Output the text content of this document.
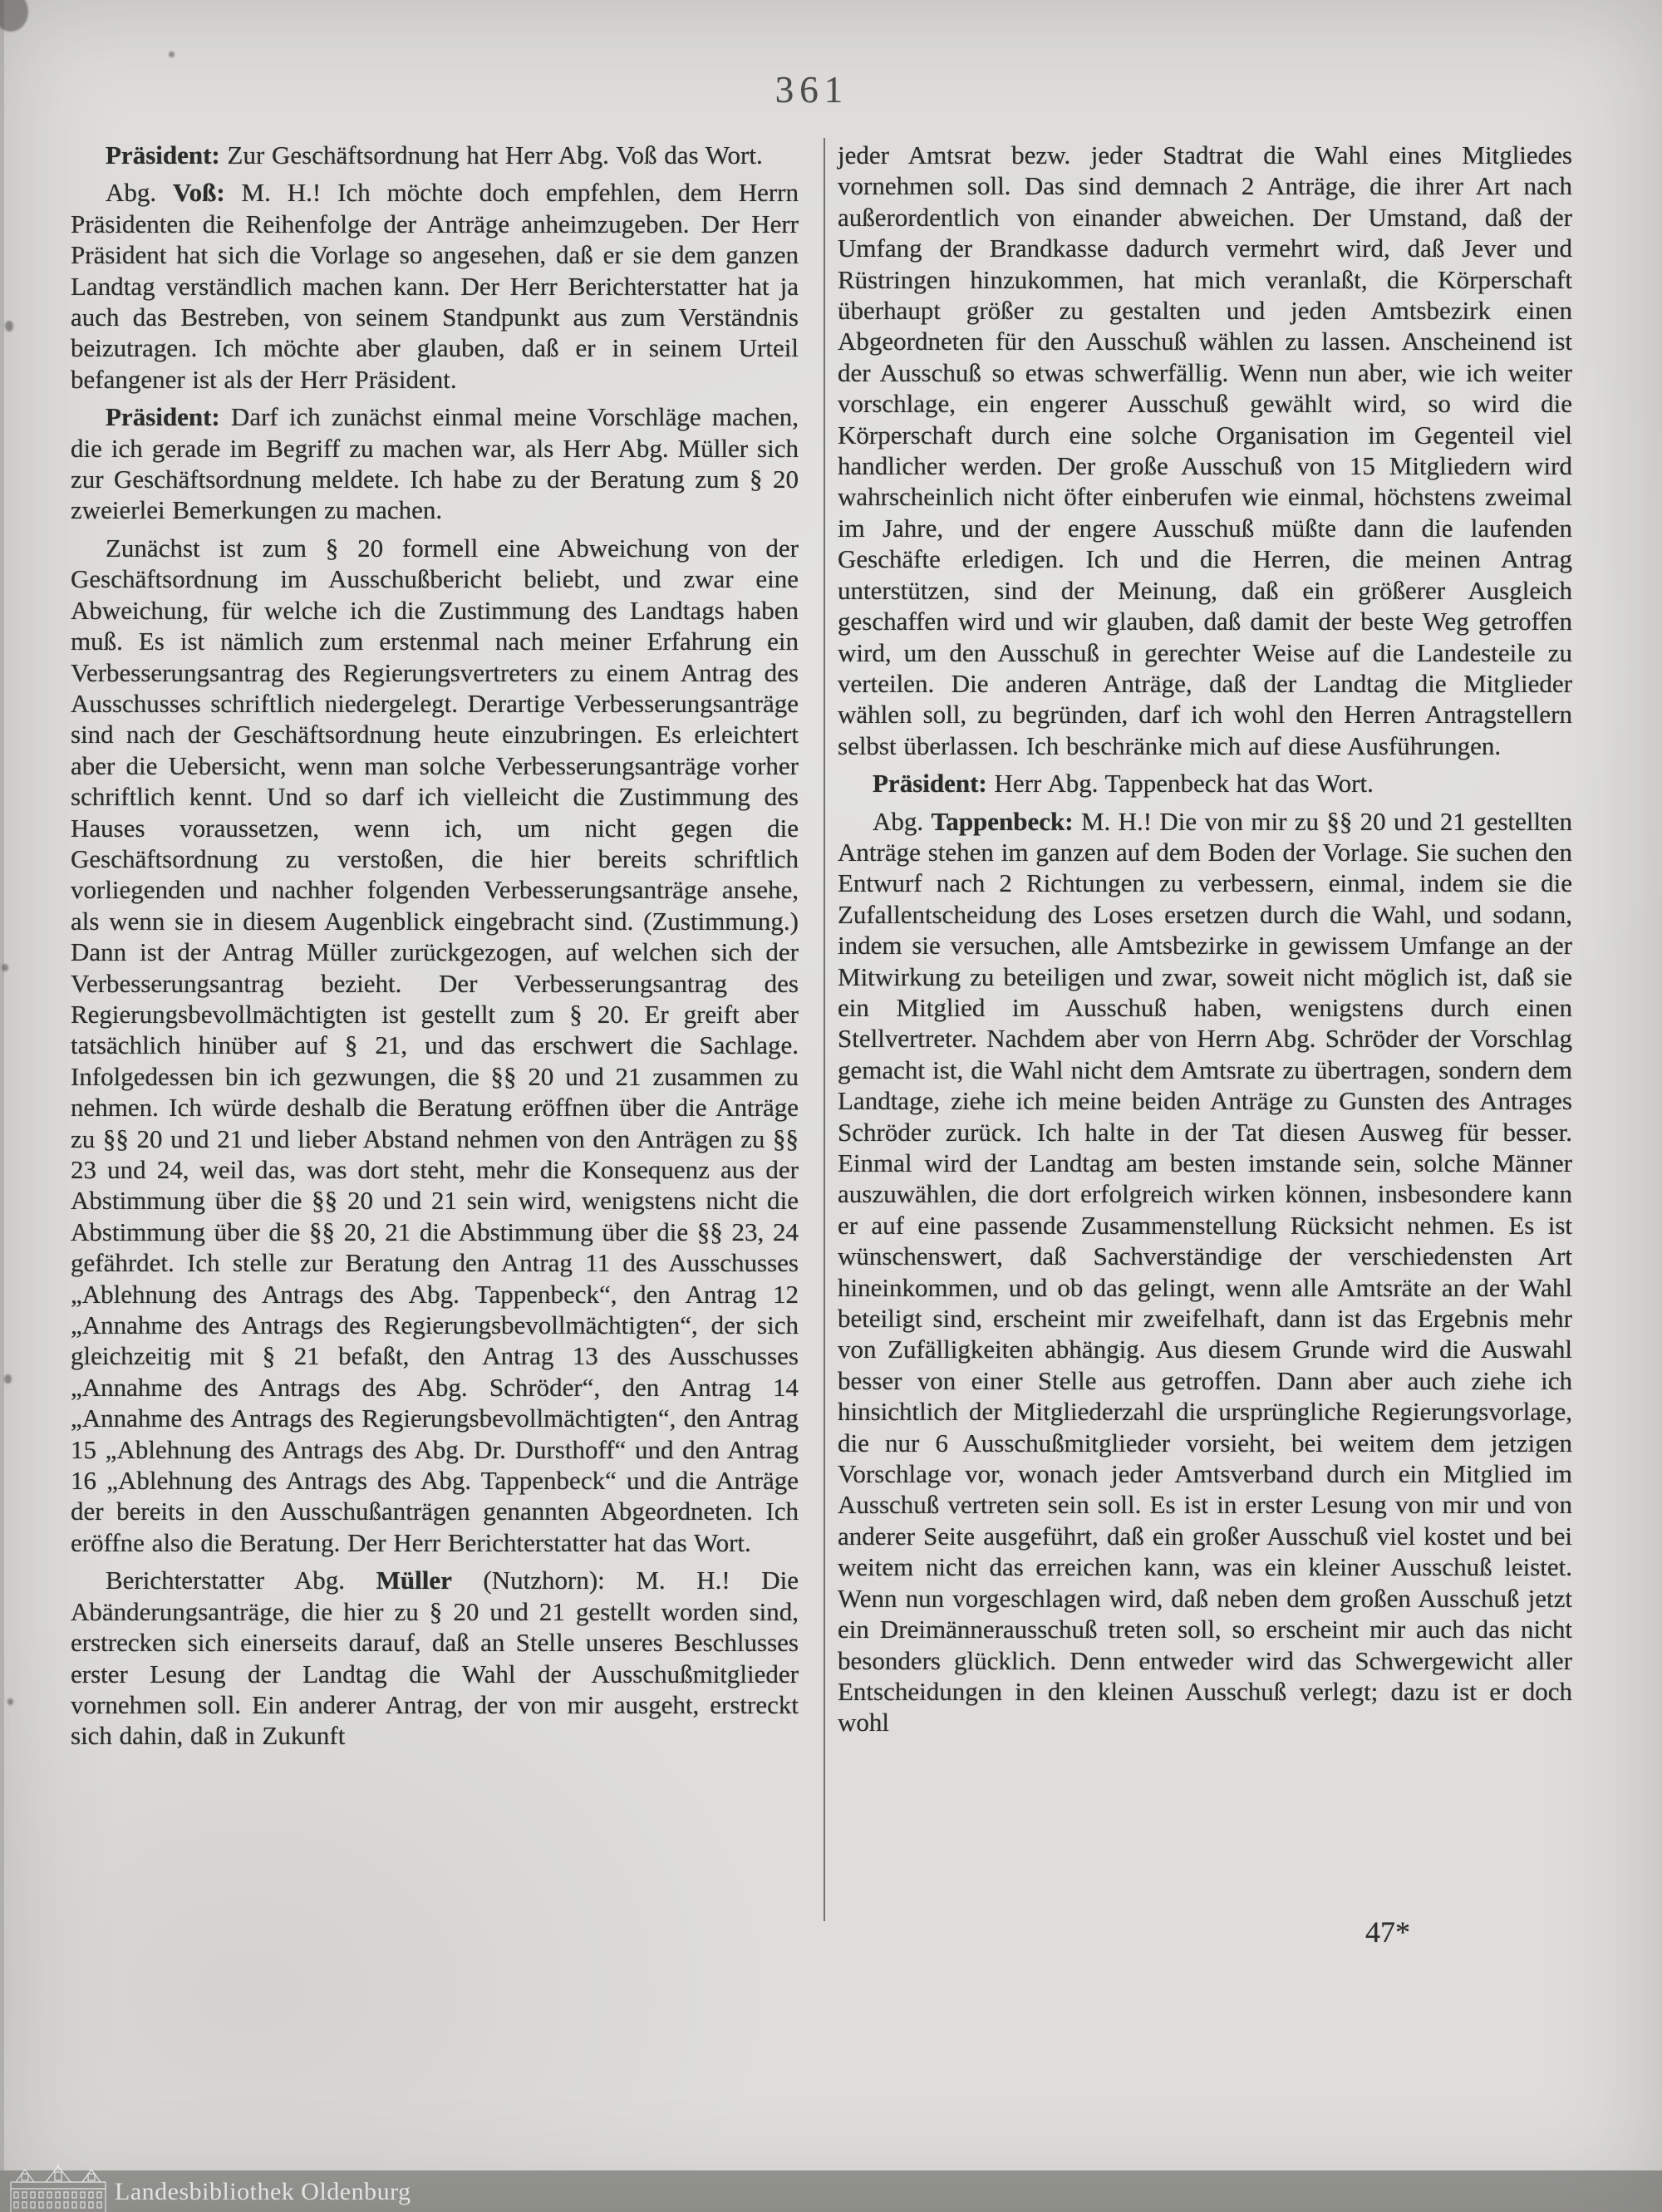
361

Präsident: Zur Geschäftsordnung hat Herr Abg. Voß das Wort.

Abg. Voß: M. H.! Ich möchte doch empfehlen, dem Herrn Präsidenten die Reihenfolge der Anträge anheimzugeben. Der Herr Präsident hat sich die Vorlage so angesehen, daß er sie dem ganzen Landtag verständlich machen kann. Der Herr Berichterstatter hat ja auch das Bestreben, von seinem Standpunkt aus zum Verständnis beizutragen. Ich möchte aber glauben, daß er in seinem Urteil befangener ist als der Herr Präsident.

Präsident: Darf ich zunächst einmal meine Vorschläge machen, die ich gerade im Begriff zu machen war, als Herr Abg. Müller sich zur Geschäftsordnung meldete. Ich habe zu der Beratung zum § 20 zweierlei Bemerkungen zu machen.

Zunächst ist zum § 20 formell eine Abweichung von der Geschäftsordnung im Ausschußbericht beliebt, und zwar eine Abweichung, für welche ich die Zustimmung des Landtags haben muß. Es ist nämlich zum erstenmal nach meiner Erfahrung ein Verbesserungsantrag des Regierungsvertreters zu einem Antrag des Ausschusses schriftlich niedergelegt. Derartige Verbesserungsanträge sind nach der Geschäftsordnung heute einzubringen. Es erleichtert aber die Uebersicht, wenn man solche Verbesserungsanträge vorher schriftlich kennt. Und so darf ich vielleicht die Zustimmung des Hauses voraussetzen, wenn ich, um nicht gegen die Geschäftsordnung zu verstoßen, die hier bereits schriftlich vorliegenden und nachher folgenden Verbesserungsanträge ansehe, als wenn sie in diesem Augenblick eingebracht sind. (Zustimmung.) Dann ist der Antrag Müller zurückgezogen, auf welchen sich der Verbesserungsantrag bezieht. Der Verbesserungsantrag des Regierungsbevollmächtigten ist gestellt zum § 20. Er greift aber tatsächlich hinüber auf § 21, und das erschwert die Sachlage. Infolgedessen bin ich gezwungen, die §§ 20 und 21 zusammen zu nehmen. Ich würde deshalb die Beratung eröffnen über die Anträge zu §§ 20 und 21 und lieber Abstand nehmen von den Anträgen zu §§ 23 und 24, weil das, was dort steht, mehr die Konsequenz aus der Abstimmung über die §§ 20 und 21 sein wird, wenigstens nicht die Abstimmung über die §§ 20, 21 die Abstimmung über die §§ 23, 24 gefährdet. Ich stelle zur Beratung den Antrag 11 des Ausschusses „Ablehnung des Antrags des Abg. Tappenbeck“, den Antrag 12 „Annahme des Antrags des Regierungsbevollmächtigten“, der sich gleichzeitig mit § 21 befaßt, den Antrag 13 des Ausschusses „Annahme des Antrags des Abg. Schröder“, den Antrag 14 „Annahme des Antrags des Regierungsbevollmächtigten“, den Antrag 15 „Ablehnung des Antrags des Abg. Dr. Dursthoff“ und den Antrag 16 „Ablehnung des Antrags des Abg. Tappenbeck“ und die Anträge der bereits in den Ausschußanträgen genannten Abgeordneten. Ich eröffne also die Beratung. Der Herr Berichterstatter hat das Wort.

Berichterstatter Abg. Müller (Nutzhorn): M. H.! Die Abänderungsanträge, die hier zu § 20 und 21 gestellt worden sind, erstrecken sich einerseits darauf, daß an Stelle unseres Beschlusses erster Lesung der Landtag die Wahl der Ausschußmitglieder vornehmen soll. Ein anderer Antrag, der von mir ausgeht, erstreckt sich dahin, daß in Zukunft

jeder Amtsrat bezw. jeder Stadtrat die Wahl eines Mitgliedes vornehmen soll. Das sind demnach 2 Anträge, die ihrer Art nach außerordentlich von einander abweichen. Der Umstand, daß der Umfang der Brandkasse dadurch vermehrt wird, daß Jever und Rüstringen hinzukommen, hat mich veranlaßt, die Körperschaft überhaupt größer zu gestalten und jeden Amtsbezirk einen Abgeordneten für den Ausschuß wählen zu lassen. Anscheinend ist der Ausschuß so etwas schwerfällig. Wenn nun aber, wie ich weiter vorschlage, ein engerer Ausschuß gewählt wird, so wird die Körperschaft durch eine solche Organisation im Gegenteil viel handlicher werden. Der große Ausschuß von 15 Mitgliedern wird wahrscheinlich nicht öfter einberufen wie einmal, höchstens zweimal im Jahre, und der engere Ausschuß müßte dann die laufenden Geschäfte erledigen. Ich und die Herren, die meinen Antrag unterstützen, sind der Meinung, daß ein größerer Ausgleich geschaffen wird und wir glauben, daß damit der beste Weg getroffen wird, um den Ausschuß in gerechter Weise auf die Landesteile zu verteilen. Die anderen Anträge, daß der Landtag die Mitglieder wählen soll, zu begründen, darf ich wohl den Herren Antragstellern selbst überlassen. Ich beschränke mich auf diese Ausführungen.

Präsident: Herr Abg. Tappenbeck hat das Wort.

Abg. Tappenbeck: M. H.! Die von mir zu §§ 20 und 21 gestellten Anträge stehen im ganzen auf dem Boden der Vorlage. Sie suchen den Entwurf nach 2 Richtungen zu verbessern, einmal, indem sie die Zufallentscheidung des Loses ersetzen durch die Wahl, und sodann, indem sie versuchen, alle Amtsbezirke in gewissem Umfange an der Mitwirkung zu beteiligen und zwar, soweit nicht möglich ist, daß sie ein Mitglied im Ausschuß haben, wenigstens durch einen Stellvertreter. Nachdem aber von Herrn Abg. Schröder der Vorschlag gemacht ist, die Wahl nicht dem Amtsrate zu übertragen, sondern dem Landtage, ziehe ich meine beiden Anträge zu Gunsten des Antrages Schröder zurück. Ich halte in der Tat diesen Ausweg für besser. Einmal wird der Landtag am besten imstande sein, solche Männer auszuwählen, die dort erfolgreich wirken können, insbesondere kann er auf eine passende Zusammenstellung Rücksicht nehmen. Es ist wünschenswert, daß Sachverständige der verschiedensten Art hineinkommen, und ob das gelingt, wenn alle Amtsräte an der Wahl beteiligt sind, erscheint mir zweifelhaft, dann ist das Ergebnis mehr von Zufälligkeiten abhängig. Aus diesem Grunde wird die Auswahl besser von einer Stelle aus getroffen. Dann aber auch ziehe ich hinsichtlich der Mitgliederzahl die ursprüngliche Regierungsvorlage, die nur 6 Ausschußmitglieder vorsieht, bei weitem dem jetzigen Vorschlage vor, wonach jeder Amtsverband durch ein Mitglied im Ausschuß vertreten sein soll. Es ist in erster Lesung von mir und von anderer Seite ausgeführt, daß ein großer Ausschuß viel kostet und bei weitem nicht das erreichen kann, was ein kleiner Ausschuß leistet. Wenn nun vorgeschlagen wird, daß neben dem großen Ausschuß jetzt ein Dreimännerausschuß treten soll, so erscheint mir auch das nicht besonders glücklich. Denn entweder wird das Schwergewicht aller Entscheidungen in den kleinen Ausschuß verlegt; dazu ist er doch wohl

47*
Landesbibliothek Oldenburg
